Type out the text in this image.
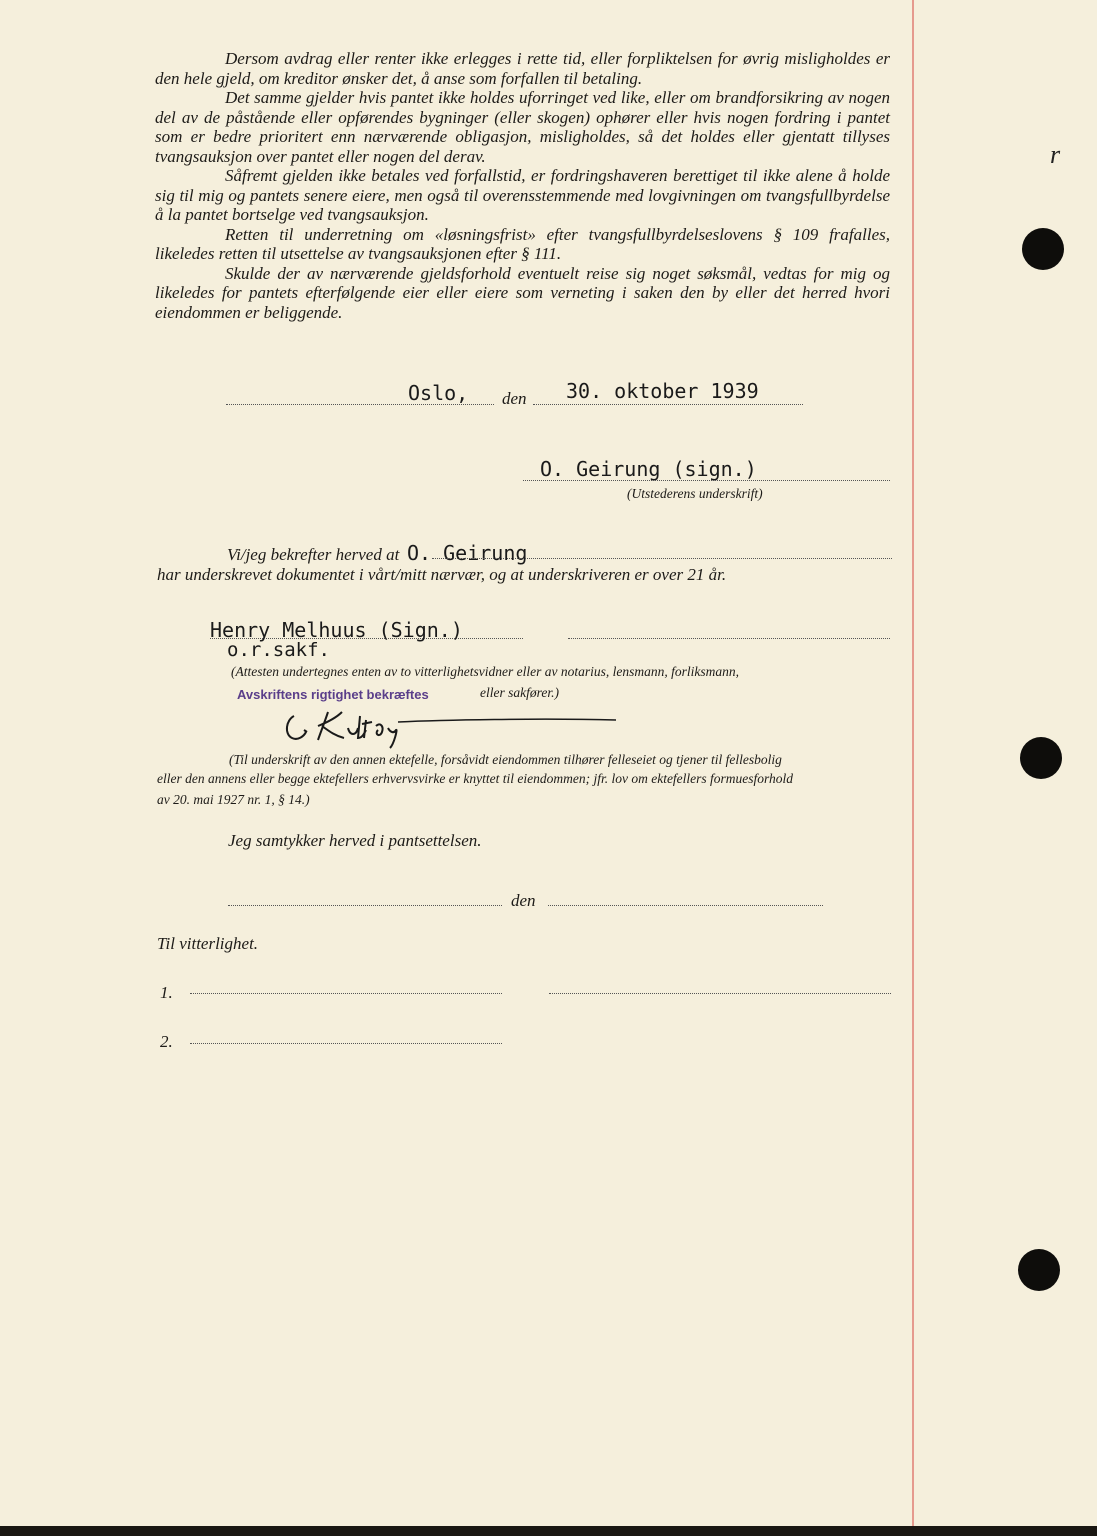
r

Dersom avdrag eller renter ikke erlegges i rette tid, eller forpliktelsen for øvrig misligholdes er den hele gjeld, om kreditor ønsker det, å anse som forfallen til betaling.

Det samme gjelder hvis pantet ikke holdes uforringet ved like, eller om brandforsikring av nogen del av de påstående eller opførendes bygninger (eller skogen) ophører eller hvis nogen fordring i pantet som er bedre prioritert enn nærværende obligasjon, misligholdes, så det holdes eller gjentatt tillyses tvangsauksjon over pantet eller nogen del derav.

Såfremt gjelden ikke betales ved forfallstid, er fordringshaveren berettiget til ikke alene å holde sig til mig og pantets senere eiere, men også til overensstemmende med lovgivningen om tvangsfullbyrdelse å la pantet bortselge ved tvangsauksjon.

Retten til underretning om «løsningsfrist» efter tvangsfullbyrdelseslovens § 109 frafalles, likeledes retten til utsettelse av tvangsauksjonen efter § 111.

Skulde der av nærværende gjeldsforhold eventuelt reise sig noget søksmål, vedtas for mig og likeledes for pantets efterfølgende eier eller eiere som verneting i saken den by eller det herred hvori eiendommen er beliggende.

Oslo, den 30. oktober 1939
O. Geirung (sign.)
(Utstederens underskrift)
Vi/jeg bekrefter herved at O. Geirung
har underskrevet dokumentet i vårt/mitt nærvær, og at underskriveren er over 21 år.
Henry Melhuus (Sign.)
o.r.sakf.
(Attesten undertegnes enten av to vitterlighetsvidner eller av notarius, lensmann, forliksmann,
Avskriftens rigtighet bekræftes	eller sakfører.)
(Til underskrift av den annen ektefelle, forsåvidt eiendommen tilhører felleseiet og tjener til fellesbolig
eller den annens eller begge ektefellers erhvervsvirke er knyttet til eiendommen; jfr. lov om ektefellers formuesforhold
av 20. mai 1927 nr. 1, § 14.)
Jeg samtykker herved i pantsettelsen.
den
Til vitterlighet.
1.
2.
